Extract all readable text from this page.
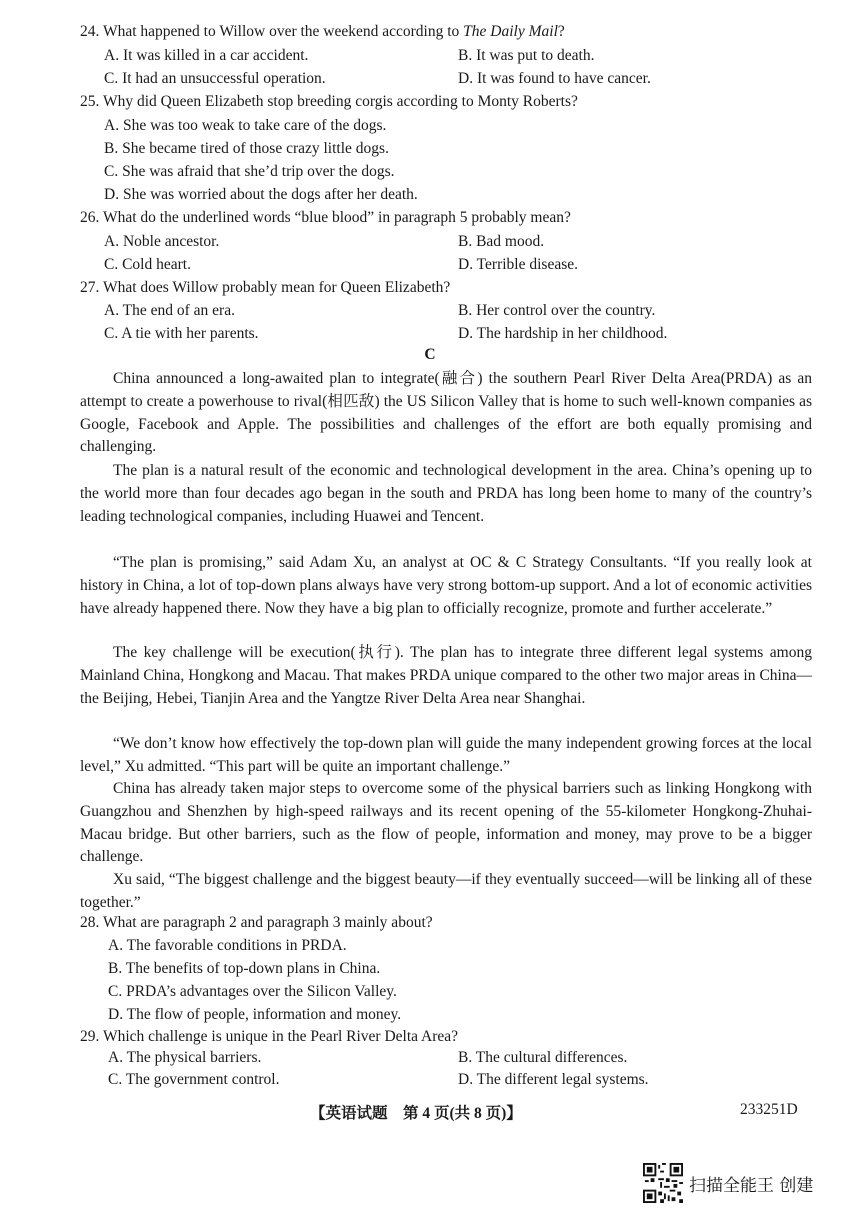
24. What happened to Willow over the weekend according to The Daily Mail?
A. It was killed in a car accident.	B. It was put to death.
C. It had an unsuccessful operation.	D. It was found to have cancer.
25. Why did Queen Elizabeth stop breeding corgis according to Monty Roberts?
A. She was too weak to take care of the dogs.
B. She became tired of those crazy little dogs.
C. She was afraid that she’d trip over the dogs.
D. She was worried about the dogs after her death.
26. What do the underlined words “blue blood” in paragraph 5 probably mean?
A. Noble ancestor.	B. Bad mood.
C. Cold heart.	D. Terrible disease.
27. What does Willow probably mean for Queen Elizabeth?
A. The end of an era.	B. Her control over the country.
C. A tie with her parents.	D. The hardship in her childhood.
C

China announced a long-awaited plan to integrate(融合) the southern Pearl River Delta Area(PRDA) as an attempt to create a powerhouse to rival(相匹敌) the US Silicon Valley that is home to such well-known companies as Google, Facebook and Apple. The possibilities and challenges of the effort are both equally promising and challenging.

The plan is a natural result of the economic and technological development in the area. China’s opening up to the world more than four decades ago began in the south and PRDA has long been home to many of the country’s leading technological companies, including Huawei and Tencent.

“The plan is promising,” said Adam Xu, an analyst at OC & C Strategy Consultants. “If you really look at history in China, a lot of top-down plans always have very strong bottom-up support. And a lot of economic activities have already happened there. Now they have a big plan to officially recognize, promote and further accelerate.”

The key challenge will be execution(执行). The plan has to integrate three different legal systems among Mainland China, Hongkong and Macau. That makes PRDA unique compared to the other two major areas in China—the Beijing, Hebei, Tianjin Area and the Yangtze River Delta Area near Shanghai.

“We don’t know how effectively the top-down plan will guide the many independent growing forces at the local level,” Xu admitted. “This part will be quite an important challenge.”

China has already taken major steps to overcome some of the physical barriers such as linking Hongkong with Guangzhou and Shenzhen by high-speed railways and its recent opening of the 55-kilometer Hongkong-Zhuhai-Macau bridge. But other barriers, such as the flow of people, information and money, may prove to be a bigger challenge.

Xu said, “The biggest challenge and the biggest beauty—if they eventually succeed—will be linking all of these together.”

28. What are paragraph 2 and paragraph 3 mainly about?
A. The favorable conditions in PRDA.
B. The benefits of top-down plans in China.
C. PRDA’s advantages over the Silicon Valley.
D. The flow of people, information and money.
29. Which challenge is unique in the Pearl River Delta Area?
A. The physical barriers.	B. The cultural differences.
C. The government control.	D. The different legal systems.
【英语试题　第 4 页(共 8 页)】	233251D
扫描全能王 创建
